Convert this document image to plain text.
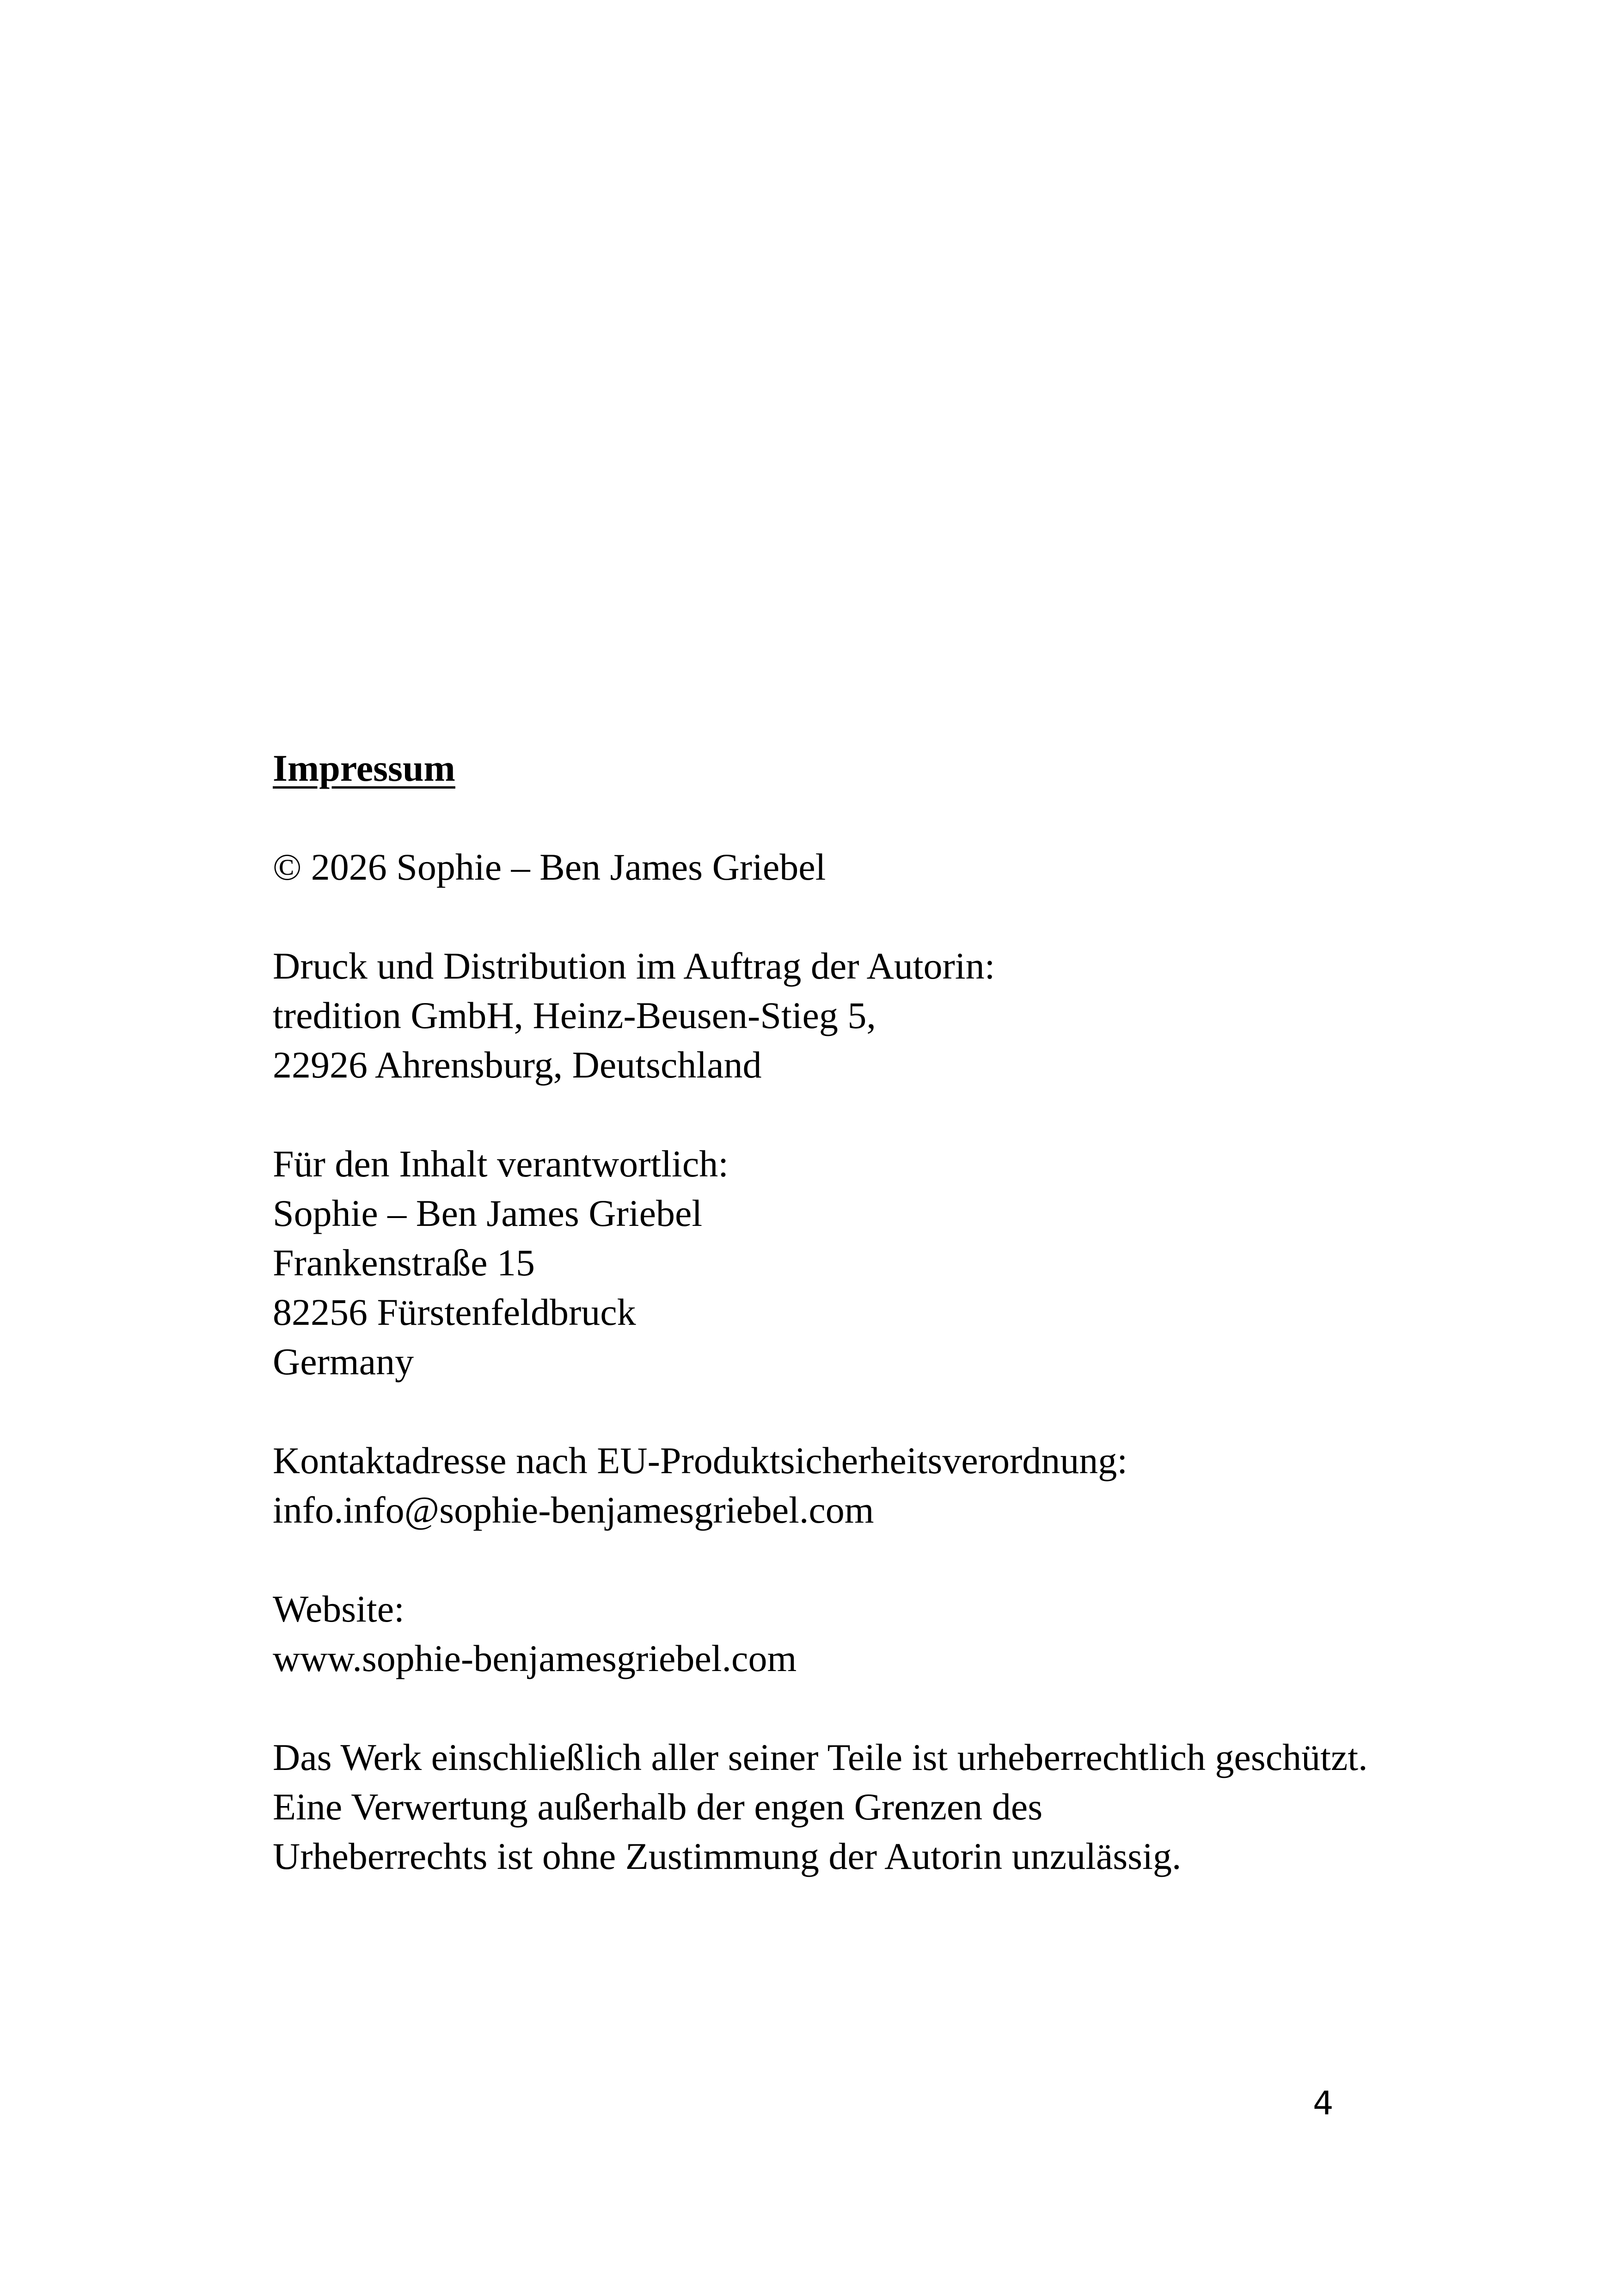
Impressum
© 2026 Sophie – Ben James Griebel
Druck und Distribution im Auftrag der Autorin:
tredition GmbH, Heinz-Beusen-Stieg 5,
22926 Ahrensburg, Deutschland
Für den Inhalt verantwortlich:
Sophie – Ben James Griebel
Frankenstraße 15
82256 Fürstenfeldbruck
Germany
Kontaktadresse nach EU-Produktsicherheitsverordnung:
info.info@sophie-benjamesgriebel.com
Website:
www.sophie-benjamesgriebel.com
Das Werk einschließlich aller seiner Teile ist urheberrechtlich geschützt.
Eine Verwertung außerhalb der engen Grenzen des
Urheberrechts ist ohne Zustimmung der Autorin unzulässig.
4
